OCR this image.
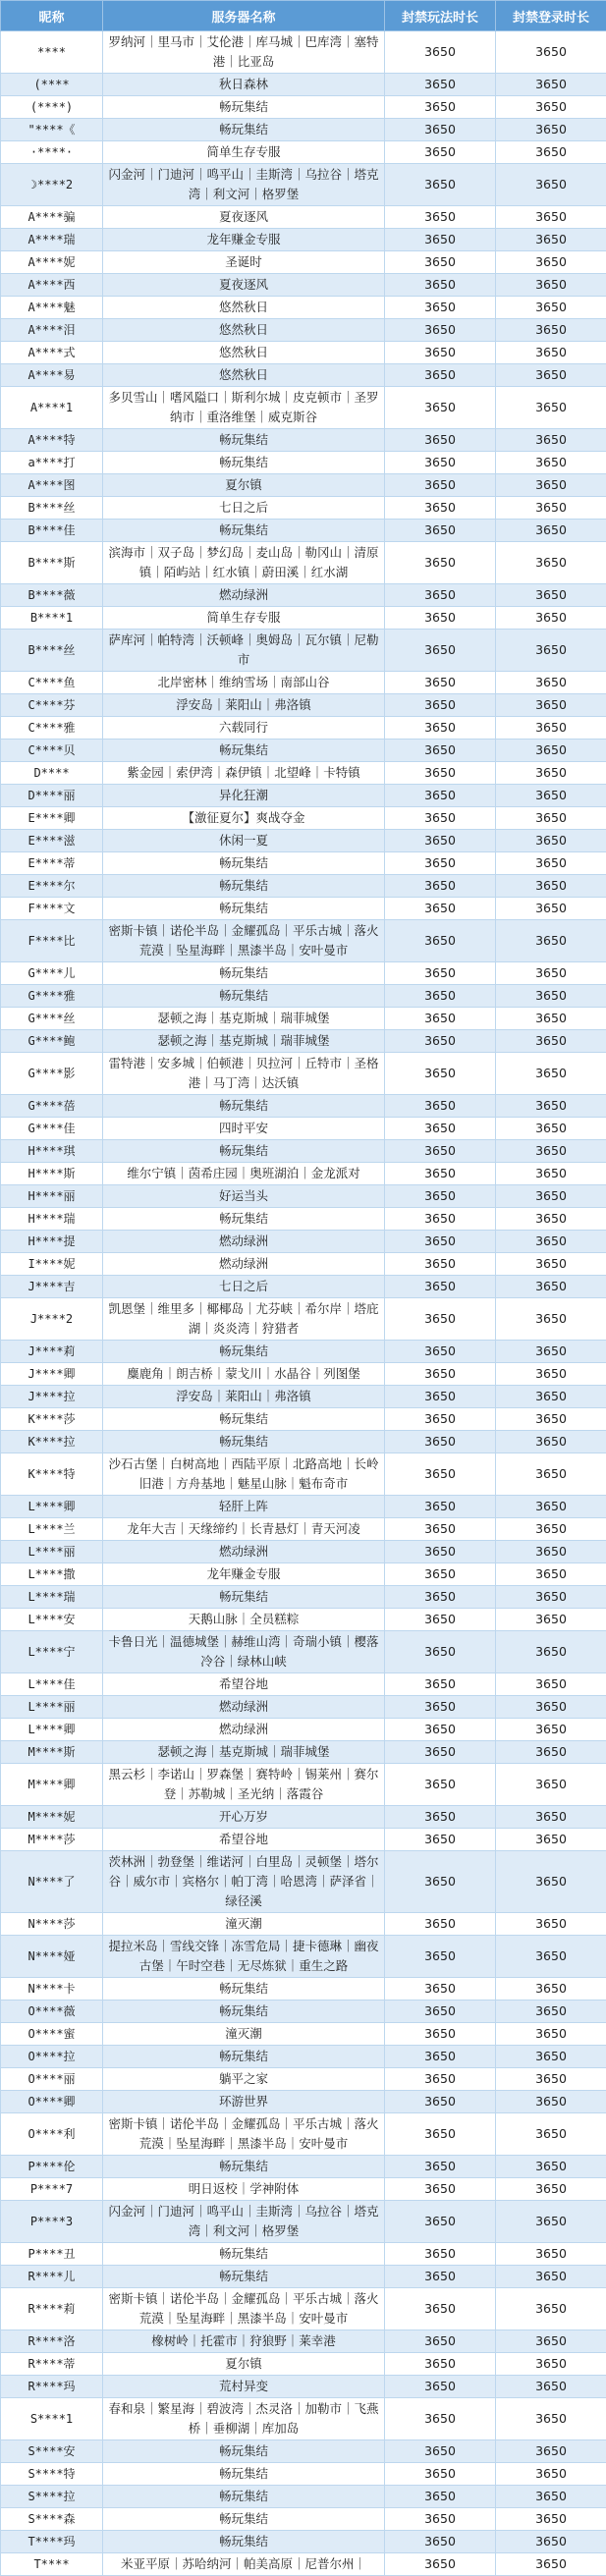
昵称	服务器名称	封禁玩法时长	封禁登录时长
****	罗纳河｜里马市｜艾伦港｜库马城｜巴库湾｜塞特港｜比亚岛	3650	3650
(****	秋日森林	3650	3650
(****)	畅玩集结	3650	3650
"****《	畅玩集结	3650	3650
·****·	简单生存专服	3650	3650
☽****2	闪金河｜门迪河｜鸣平山｜圭斯湾｜乌拉谷｜塔克湾｜利文河｜格罗堡	3650	3650
A****骗	夏夜逐风	3650	3650
A****瑞	龙年赚金专服	3650	3650
A****妮	圣诞时	3650	3650
A****西	夏夜逐风	3650	3650
A****魅	悠然秋日	3650	3650
A****泪	悠然秋日	3650	3650
A****式	悠然秋日	3650	3650
A****易	悠然秋日	3650	3650
A****1	多贝雪山｜嗜风隘口｜斯利尔城｜皮克顿市｜圣罗纳市｜重洛维堡｜威克斯谷	3650	3650
A****特	畅玩集结	3650	3650
a****打	畅玩集结	3650	3650
A****图	夏尔镇	3650	3650
B****丝	七日之后	3650	3650
B****佳	畅玩集结	3650	3650
B****斯	滨海市｜双子岛｜梦幻岛｜麦山岛｜勒冈山｜清原镇｜陌屿站｜红水镇｜蔚田溪｜红水湖	3650	3650
B****薇	燃动绿洲	3650	3650
B****1	简单生存专服	3650	3650
B****丝	萨库河｜帕特湾｜沃顿峰｜奥姆岛｜瓦尔镇｜尼勒市	3650	3650
C****鱼	北岸密林｜维纳雪场｜南部山谷	3650	3650
C****芬	浮安岛｜莱阳山｜弗洛镇	3650	3650
C****雅	六载同行	3650	3650
C****贝	畅玩集结	3650	3650
D****	紫金园｜索伊湾｜森伊镇｜北望峰｜卡特镇	3650	3650
D****丽	异化狂潮	3650	3650
E****卿	【激征夏尔】爽战夺金	3650	3650
E****滋	休闲一夏	3650	3650
E****蒂	畅玩集结	3650	3650
E****尔	畅玩集结	3650	3650
F****文	畅玩集结	3650	3650
F****比	密斯卡镇｜诺伦半岛｜金耀孤岛｜平乐古城｜落火荒漠｜坠星海畔｜黑漆半岛｜安叶曼市	3650	3650
G****儿	畅玩集结	3650	3650
G****雅	畅玩集结	3650	3650
G****丝	瑟顿之海｜基克斯城｜瑞菲城堡	3650	3650
G****鲍	瑟顿之海｜基克斯城｜瑞菲城堡	3650	3650
G****影	雷特港｜安多城｜伯顿港｜贝拉河｜丘特市｜圣格港｜马丁湾｜达沃镇	3650	3650
G****蓓	畅玩集结	3650	3650
G****佳	四时平安	3650	3650
H****琪	畅玩集结	3650	3650
H****斯	维尔宁镇｜茵希庄园｜奥班湖泊｜金龙派对	3650	3650
H****丽	好运当头	3650	3650
H****瑞	畅玩集结	3650	3650
H****提	燃动绿洲	3650	3650
I****妮	燃动绿洲	3650	3650
J****吉	七日之后	3650	3650
J****2	凯恩堡｜维里多｜椰椰岛｜尤芬峡｜希尔岸｜塔庇湖｜炎炎湾｜狩猎者	3650	3650
J****莉	畅玩集结	3650	3650
J****卿	麋鹿角｜朗吉桥｜蒙戈川｜水晶谷｜列图堡	3650	3650
J****拉	浮安岛｜莱阳山｜弗洛镇	3650	3650
K****莎	畅玩集结	3650	3650
K****拉	畅玩集结	3650	3650
K****特	沙石古堡｜白树高地｜西陆平原｜北路高地｜长岭旧港｜方舟基地｜魅星山脉｜魁布奇市	3650	3650
L****卿	轻肝上阵	3650	3650
L****兰	龙年大吉｜天缘缔约｜长青悬灯｜青天河凌	3650	3650
L****丽	燃动绿洲	3650	3650
L****撒	龙年赚金专服	3650	3650
L****瑞	畅玩集结	3650	3650
L****安	天鹅山脉｜全员糕粽	3650	3650
L****宁	卡鲁日光｜温德城堡｜赫维山湾｜奇瑞小镇｜樱落冷谷｜绿林山峡	3650	3650
L****佳	希望谷地	3650	3650
L****丽	燃动绿洲	3650	3650
L****卿	燃动绿洲	3650	3650
M****斯	瑟顿之海｜基克斯城｜瑞菲城堡	3650	3650
M****卿	黑云杉｜李诺山｜罗森堡｜赛特岭｜锡莱州｜赛尔登｜苏勒城｜圣光纳｜落霞谷	3650	3650
M****妮	开心万岁	3650	3650
M****莎	希望谷地	3650	3650
N****了	茨林洲｜勃登堡｜维诺河｜白里岛｜灵顿堡｜塔尔谷｜威尔市｜宾格尔｜帕丁湾｜哈恩湾｜萨泽省｜绿径溪	3650	3650
N****莎	潼灭潮	3650	3650
N****娅	提拉米岛｜雪线交锋｜冻雪危局｜捷卡德琳｜幽夜古堡｜午时空巷｜无尽炼狱｜重生之路	3650	3650
N****卡	畅玩集结	3650	3650
O****薇	畅玩集结	3650	3650
O****蜜	潼灭潮	3650	3650
O****拉	畅玩集结	3650	3650
O****丽	躺平之家	3650	3650
O****卿	环游世界	3650	3650
O****利	密斯卡镇｜诺伦半岛｜金耀孤岛｜平乐古城｜落火荒漠｜坠星海畔｜黑漆半岛｜安叶曼市	3650	3650
P****伦	畅玩集结	3650	3650
P****7	明日返校｜学神附体	3650	3650
P****3	闪金河｜门迪河｜鸣平山｜圭斯湾｜乌拉谷｜塔克湾｜利文河｜格罗堡	3650	3650
P****丑	畅玩集结	3650	3650
R****儿	畅玩集结	3650	3650
R****莉	密斯卡镇｜诺伦半岛｜金耀孤岛｜平乐古城｜落火荒漠｜坠星海畔｜黑漆半岛｜安叶曼市	3650	3650
R****洛	橡树岭｜托霍市｜狩狼野｜莱幸港	3650	3650
R****蒂	夏尔镇	3650	3650
R****玛	荒村异变	3650	3650
S****1	春和泉｜繁星海｜碧波湾｜杰灵洛｜加勒市｜飞燕桥｜垂柳湖｜库加岛	3650	3650
S****安	畅玩集结	3650	3650
S****特	畅玩集结	3650	3650
S****拉	畅玩集结	3650	3650
S****森	畅玩集结	3650	3650
T****玛	畅玩集结	3650	3650
T****	米亚平原｜苏哈纳河｜帕美高原｜尼普尔州｜	3650	3650
